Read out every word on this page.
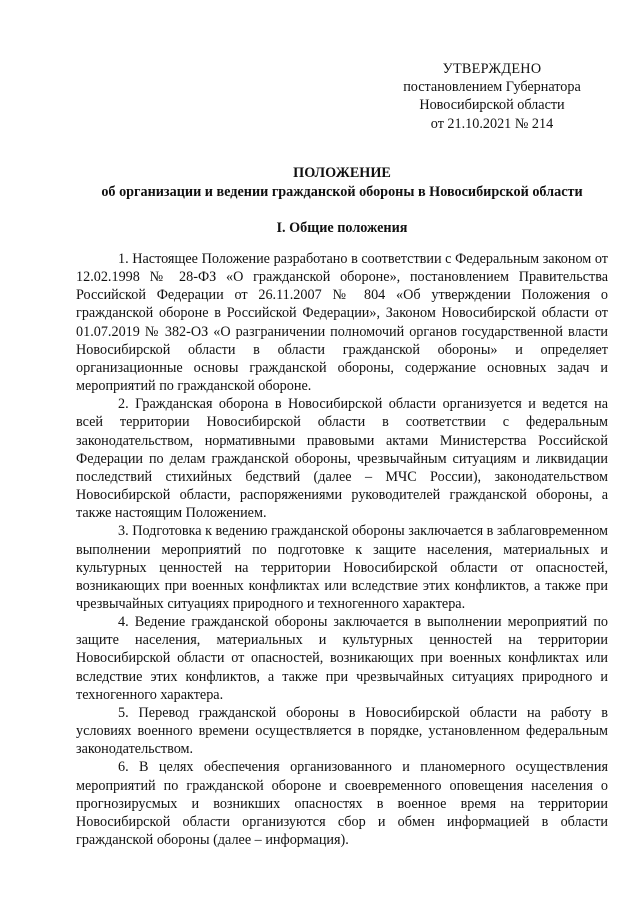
УТВЕРЖДЕНО
постановлением Губернатора
Новосибирской области
от 21.10.2021 № 214
ПОЛОЖЕНИЕ
об организации и ведении гражданской обороны в Новосибирской области
I. Общие положения

1. Настоящее Положение разработано в соответствии с Федеральным законом от 12.02.1998 № 28-ФЗ «О гражданской обороне», постановлением Правительства Российской Федерации от 26.11.2007 № 804 «Об утверждении Положения о гражданской обороне в Российской Федерации», Законом Новосибирской области от 01.07.2019 № 382-ОЗ «О разграничении полномочий органов государственной власти Новосибирской области в области гражданской обороны» и определяет организационные основы гражданской обороны, содержание основных задач и мероприятий по гражданской обороне.

2. Гражданская оборона в Новосибирской области организуется и ведется на всей территории Новосибирской области в соответствии с федеральным законодательством, нормативными правовыми актами Министерства Российской Федерации по делам гражданской обороны, чрезвычайным ситуациям и ликвидации последствий стихийных бедствий (далее – МЧС России), законодательством Новосибирской области, распоряжениями руководителей гражданской обороны, а также настоящим Положением.

3. Подготовка к ведению гражданской обороны заключается в заблаговременном выполнении мероприятий по подготовке к защите населения, материальных и культурных ценностей на территории Новосибирской области от опасностей, возникающих при военных конфликтах или вследствие этих конфликтов, а также при чрезвычайных ситуациях природного и техногенного характера.

4. Ведение гражданской обороны заключается в выполнении мероприятий по защите населения, материальных и культурных ценностей на территории Новосибирской области от опасностей, возникающих при военных конфликтах или вследствие этих конфликтов, а также при чрезвычайных ситуациях природного и техногенного характера.

5. Перевод гражданской обороны в Новосибирской области на работу в условиях военного времени осуществляется в порядке, установленном федеральным законодательством.

6. В целях обеспечения организованного и планомерного осуществления мероприятий по гражданской обороне и своевременного оповещения населения о прогнозирусмых и возникших опасностях в военное время на территории Новосибирской области организуются сбор и обмен информацией в области гражданской обороны (далее – информация).
